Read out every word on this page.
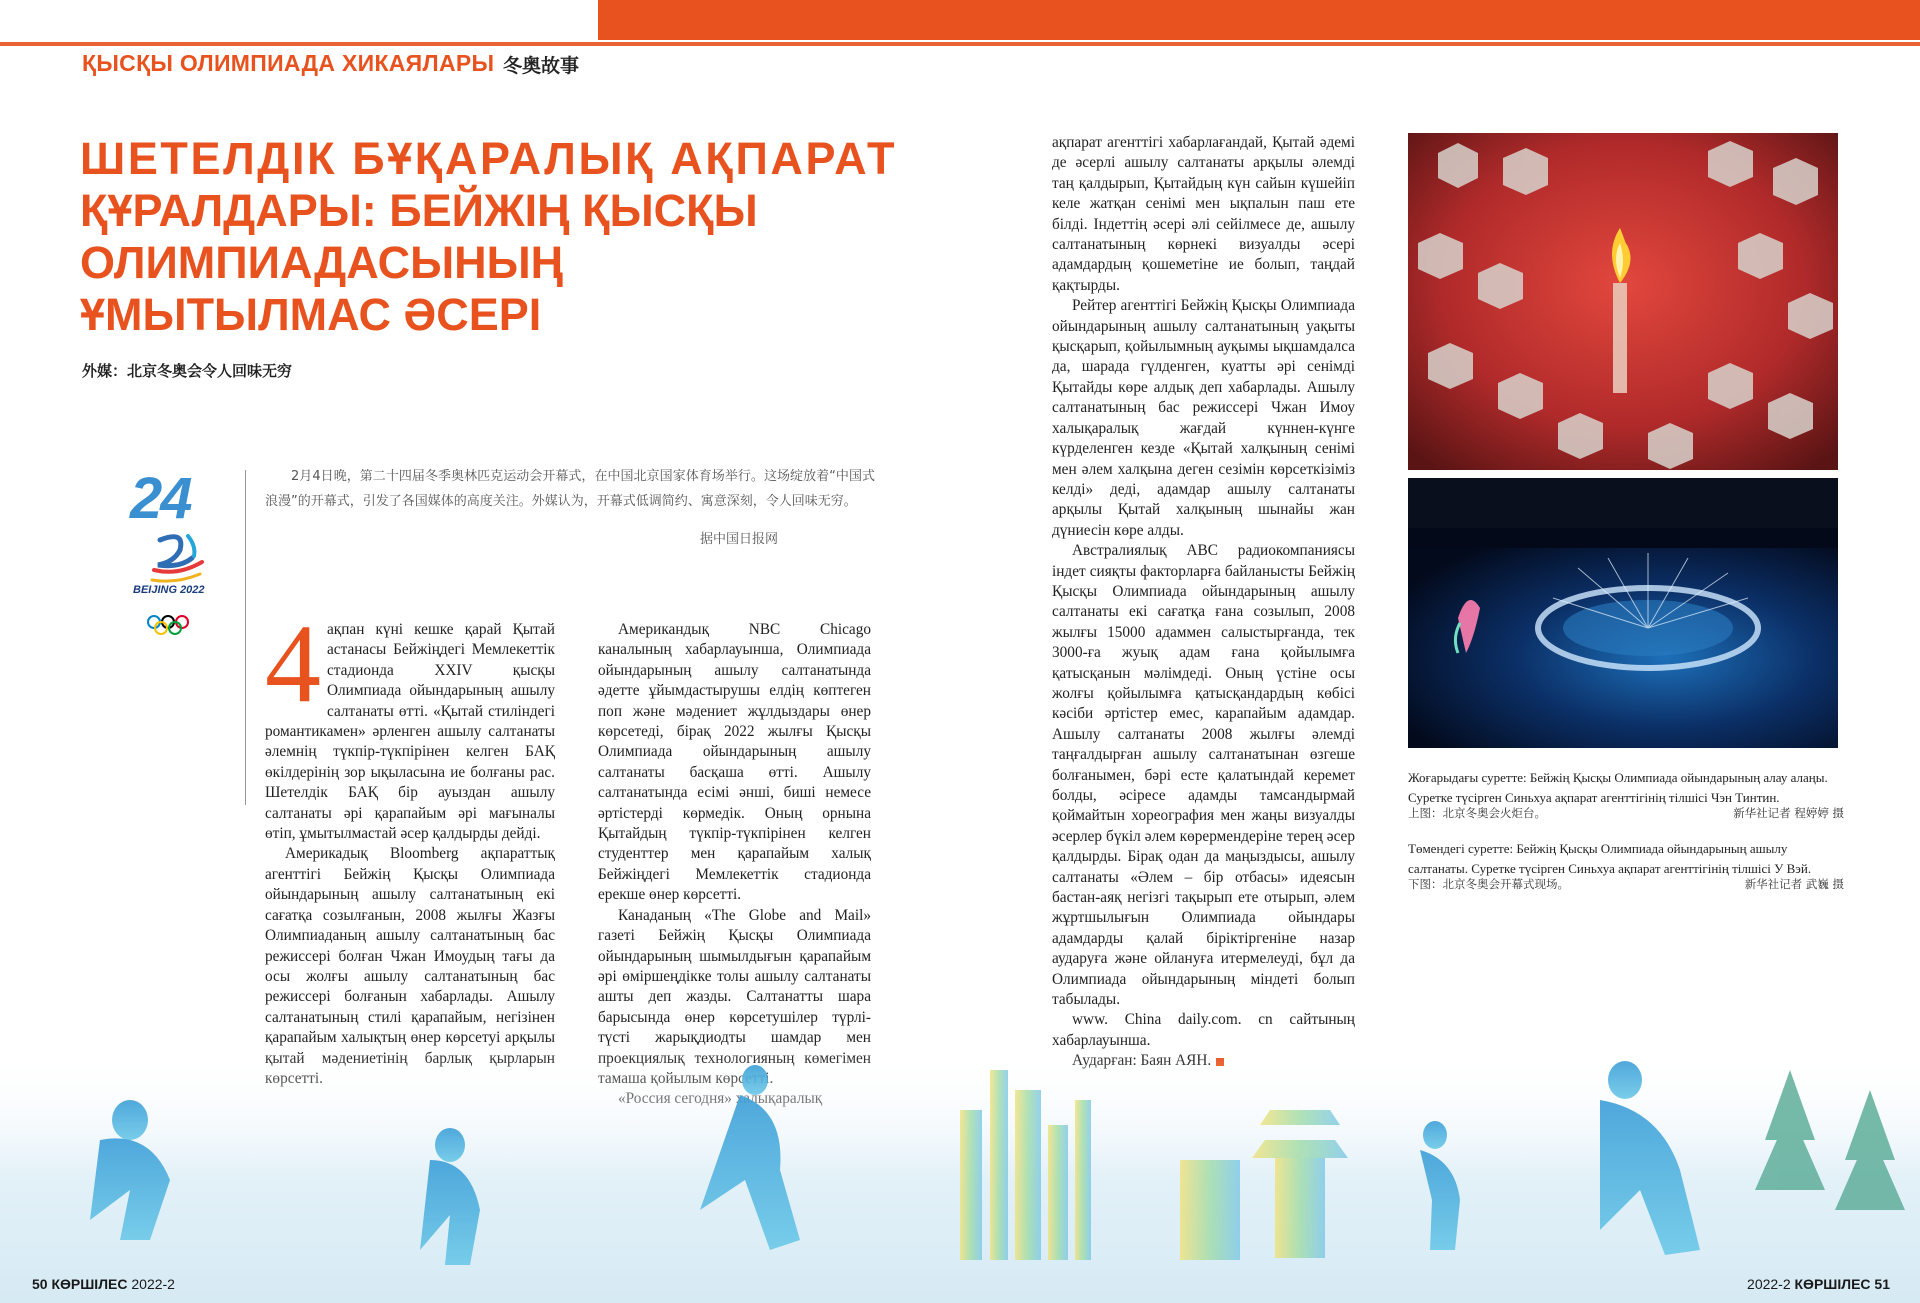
ҚЫСҚЫ ОЛИМПИАДА ХИКАЯЛАРЫ 冬奥故事
ШЕТЕЛДІК БҰҚАРАЛЫҚ АҚПАРАТ
ҚҰРАЛДАРЫ: БЕЙЖІҢ ҚЫСҚЫ
ОЛИМПИАДАСЫНЫҢ
ҰМЫТЫЛМАС ӘСЕРІ
外媒：北京冬奥会令人回味无穷
24
BEIJING 2022
2月4日晚，第二十四届冬季奥林匹克运动会开幕式，在中国北京国家体育场举行。这场绽放着“中国式浪漫”的开幕式，引发了各国媒体的高度关注。外媒认为，开幕式低调简约、寓意深刻，令人回味无穷。
据中国日报网
4 ақпан күні кешке қарай Қытай астанасы Бейжіңдегі Мемлекеттік стадионда XXIV қысқы Олимпиада ойындарының ашылу салтанаты өтті. «Қытай стиліндегі романтикамен» әрленген ашылу салтанаты әлемнің түкпір-түкпірінен келген БАҚ өкілдерінің зор ықыласына ие болғаны рас. Шетелдік БАҚ бір ауыздан ашылу салтанаты әрі қарапайым әрі мағыналы өтіп, ұмытылмастай әсер қалдырды дейді.

Америкадық Bloomberg ақпараттық агенттігі Бейжің Қысқы Олимпиада ойындарының ашылу салтанатының екі сағатқа созылғанын, 2008 жылғы Жазғы Олимпиаданың ашылу салтанатының бас режиссері болған Чжан Имоудың тағы да осы жолғы ашылу салтанатының бас режиссері болғанын хабарлады. Ашылу салтанатының стилі қарапайым, негізінен қарапайым халықтың өнер көрсетуі арқылы

Американдық NBC Chicago каналының хабарлауынша, Олимпиада ойындарының ашылу салтанатында әдетте ұйымдастырушы елдің көптеген поп және мәдениет жұлдыздары өнер көрсетеді, бірақ 2022 жылғы Қысқы Олимпиада ойындарының ашылу салтанаты басқаша өтті. Ашылу салтанатында есімі әнші, биші немесе әртістерді көрмедік. Оның орнына Қытайдың түкпір-түкпірінен келген студенттер мен қарапайым халық Бейжіңдегі Мемлекеттік стадионда ерекше өнер көрсетті.

Канаданың «The Globe and Mail» газеті Бейжің Қысқы Олимпиада ойындарының шымылдығын қарапайым әрі өміршеңдікке толы ашылу салтанаты ашты деп жазды. Салтанатты шара барысында өнер көрсетушілер түрлі-түсті жарықдиодты шамдар мен

ақпарат агенттігі хабарлағандай, Қытай әдемі де әсерлі ашылу салтанаты арқылы әлемді таң қалдырып, Қытайдың күн сайын күшейіп келе жатқан сенімі мен ықпалын паш ете білді. Індеттің әсері әлі сейілмесе де, ашылу салтанатының көрнекі визуалды әсері адамдардың қошеметіне ие болып, таңдай қақтырды.

Рейтер агенттігі Бейжің Қысқы Олимпиада ойындарының ашылу салтанатының уақыты қысқарып, қойылымның ауқымы ықшамдалса да, шарада гүлденген, куатты әрі сенімді Қытайды көре алдық деп хабарлады. Ашылу салтанатының бас режиссері Чжан Имоу халықаралық жағдай күннен-күнге күрделенген кезде «Қытай халқының сенімі мен әлем халқына деген сезімін көрсеткізіміз келді» деді, адамдар ашылу салтанаты арқылы Қытай халқының шынайы жан дүниесін көре алды.

Австралиялық ABC радиокомпаниясы індет сияқты факторларға байланысты Бейжің Қысқы Олимпиада ойындарының ашылу салтанаты екі сағатқа ғана созылып, 2008 жылғы 15000 адаммен салыстырғанда, тек 3000-ға жуық адам ғана қойылымға қатысқанын мәлімдеді. Оның үстіне осы жолғы қойылымға қатысқандардың көбісі кәсіби әртістер емес, карапайым адамдар. Ашылу салтанаты 2008 жылғы әлемді таңғалдырған ашылу салтанатынан өзгеше болғанымен, бәрі есте қалатындай керемет болды, әсіресе адамды тамсандырмай қоймайтын хореография мен жаңы визуалды әсерлер бүкіл әлем көрермендеріне терең әсер қалдырды. Бірақ одан да маңыздысы, ашылу салтанаты «Әлем – бір отбасы» идеясын бастан-аяқ негізгі тақырып ете отырып, әлем жұртшылығын Олимпиада ойындары адамдарды қалай біріктіргеніне назар аударуға және ойлануға итермелеуді, бұл да Олимпиада ойындарының міндеті болып табылады.

www. China daily.com. cn сайтының хабарлауынша.

Жоғарыдағы суретте: Бейжің Қысқы Олимпиада ойындарының алау алаңы. Суретке түсірген Синьхуа ақпарат агенттігінің тілшісі Чэн Тинтин.
上图：北京冬奥会火炬台。	新华社记者 程婷婷 摄
Төмендегі суретте: Бейжің Қысқы Олимпиада ойындарының ашылу салтанаты. Суретке түсірген Синьхуа ақпарат агенттігінің тілшісі У Вэй.
下图：北京冬奥会开幕式现场。	新华社记者 武巍 摄
50 КӨРШІЛЕС 2022-2	2022-2 КӨРШІЛЕС 51
